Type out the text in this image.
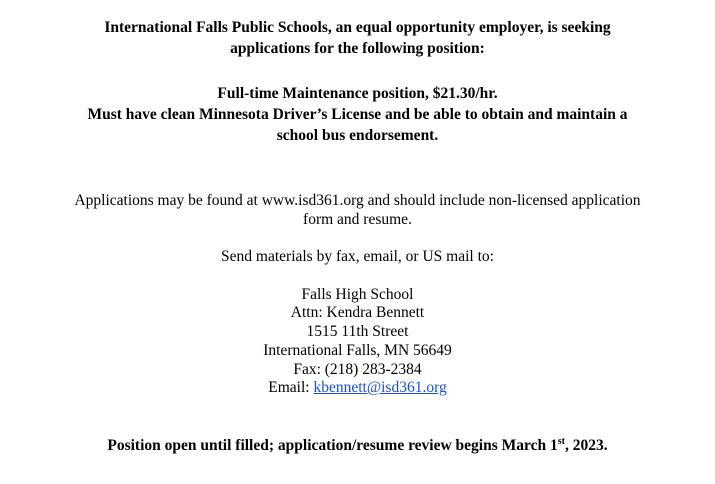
International Falls Public Schools, an equal opportunity employer, is seeking
applications for the following position:
Full-time Maintenance position, $21.30/hr.
Must have clean Minnesota Driver’s License and be able to obtain and maintain a
school bus endorsement.
Applications may be found at www.isd361.org and should include non-licensed application
form and resume.
Send materials by fax, email, or US mail to:
Falls High School
Attn: Kendra Bennett
1515 11th Street
International Falls, MN 56649
Fax: (218) 283-2384
Email: kbennett@isd361.org
Position open until filled; application/resume review begins March 1st, 2023.
